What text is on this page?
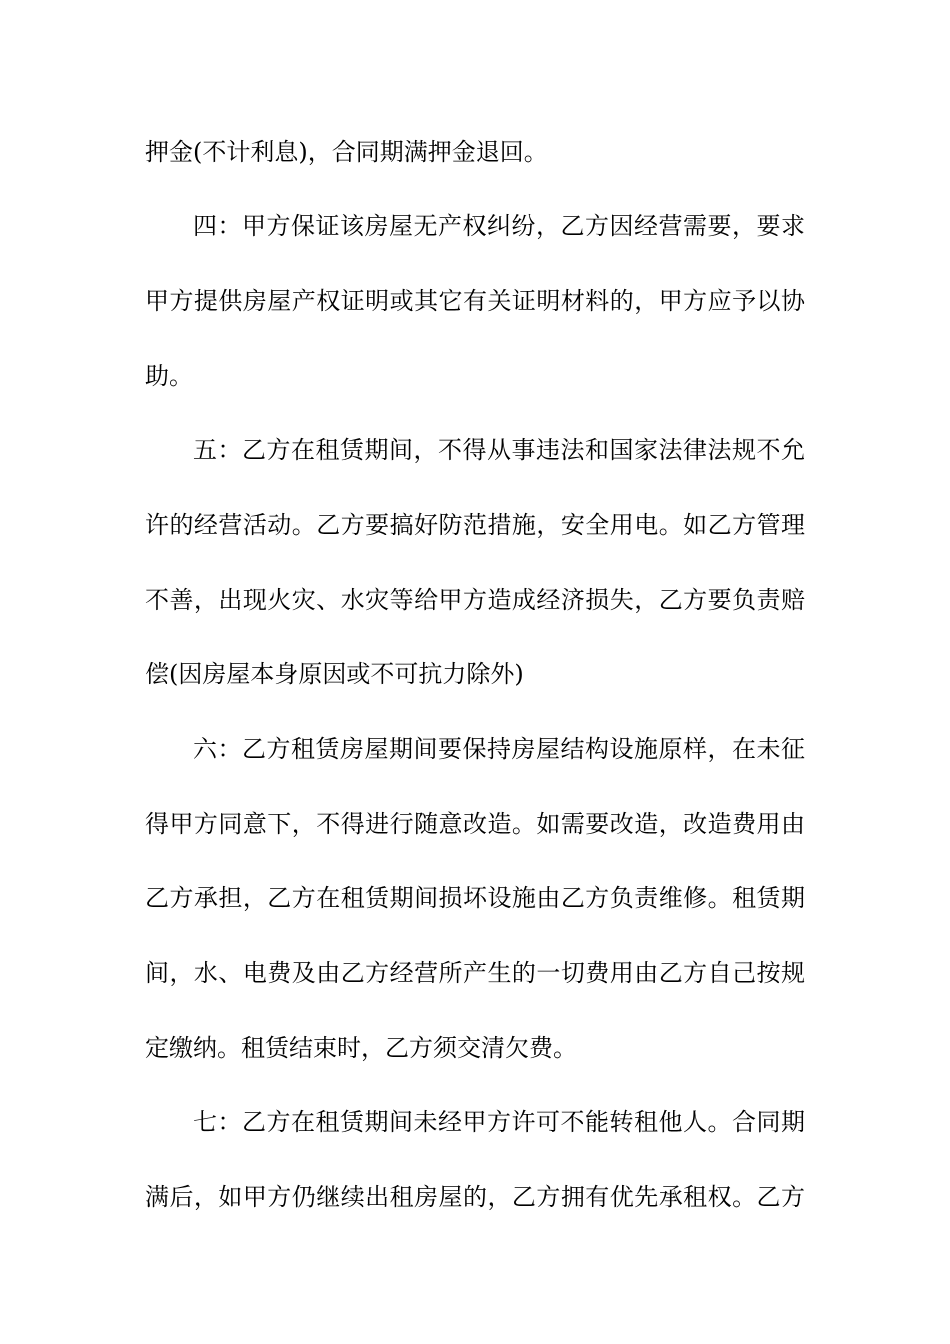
押金(不计利息)，合同期满押金退回。
四：甲方保证该房屋无产权纠纷，乙方因经营需要，要求
甲方提供房屋产权证明或其它有关证明材料的，甲方应予以协
助。
五：乙方在租赁期间，不得从事违法和国家法律法规不允
许的经营活动。乙方要搞好防范措施，安全用电。如乙方管理
不善，出现火灾、水灾等给甲方造成经济损失，乙方要负责赔
偿(因房屋本身原因或不可抗力除外)
六：乙方租赁房屋期间要保持房屋结构设施原样，在未征
得甲方同意下，不得进行随意改造。如需要改造，改造费用由
乙方承担，乙方在租赁期间损坏设施由乙方负责维修。租赁期
间，水、电费及由乙方经营所产生的一切费用由乙方自己按规
定缴纳。租赁结束时，乙方须交清欠费。
七：乙方在租赁期间未经甲方许可不能转租他人。合同期
满后，如甲方仍继续出租房屋的，乙方拥有优先承租权。乙方
